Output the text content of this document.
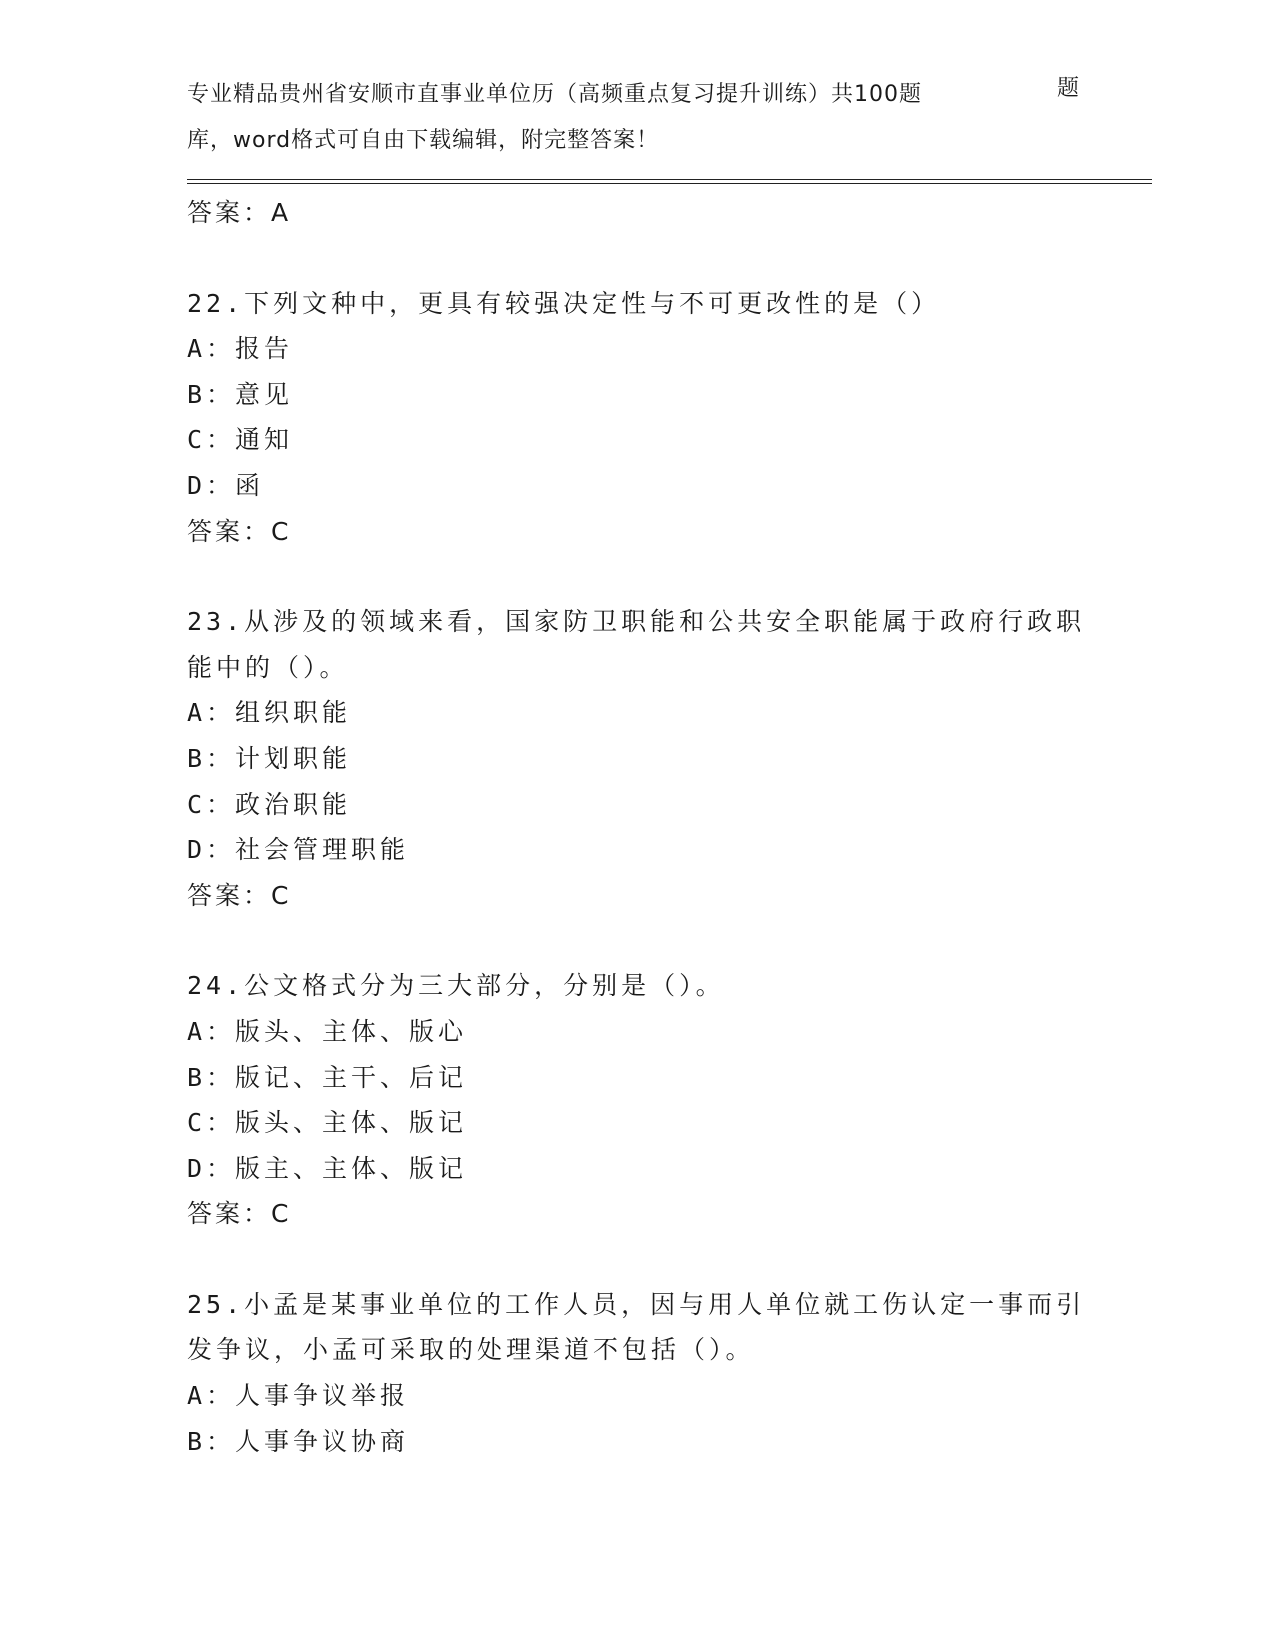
专业精品贵州省安顺市直事业单位历（高频重点复习提升训练）共100题	题
库，word格式可自由下载编辑，附完整答案！
答案：A
22.下列文种中，更具有较强决定性与不可更改性的是（）
A：报告
B：意见
C：通知
D：函
答案：C
23.从涉及的领域来看，国家防卫职能和公共安全职能属于政府行政职
能中的（）。
A：组织职能
B：计划职能
C：政治职能
D：社会管理职能
答案：C
24.公文格式分为三大部分，分别是（）。
A：版头、主体、版心
B：版记、主干、后记
C：版头、主体、版记
D：版主、主体、版记
答案：C
25.小孟是某事业单位的工作人员，因与用人单位就工伤认定一事而引
发争议，小孟可采取的处理渠道不包括（）。
A：人事争议举报
B：人事争议协商
